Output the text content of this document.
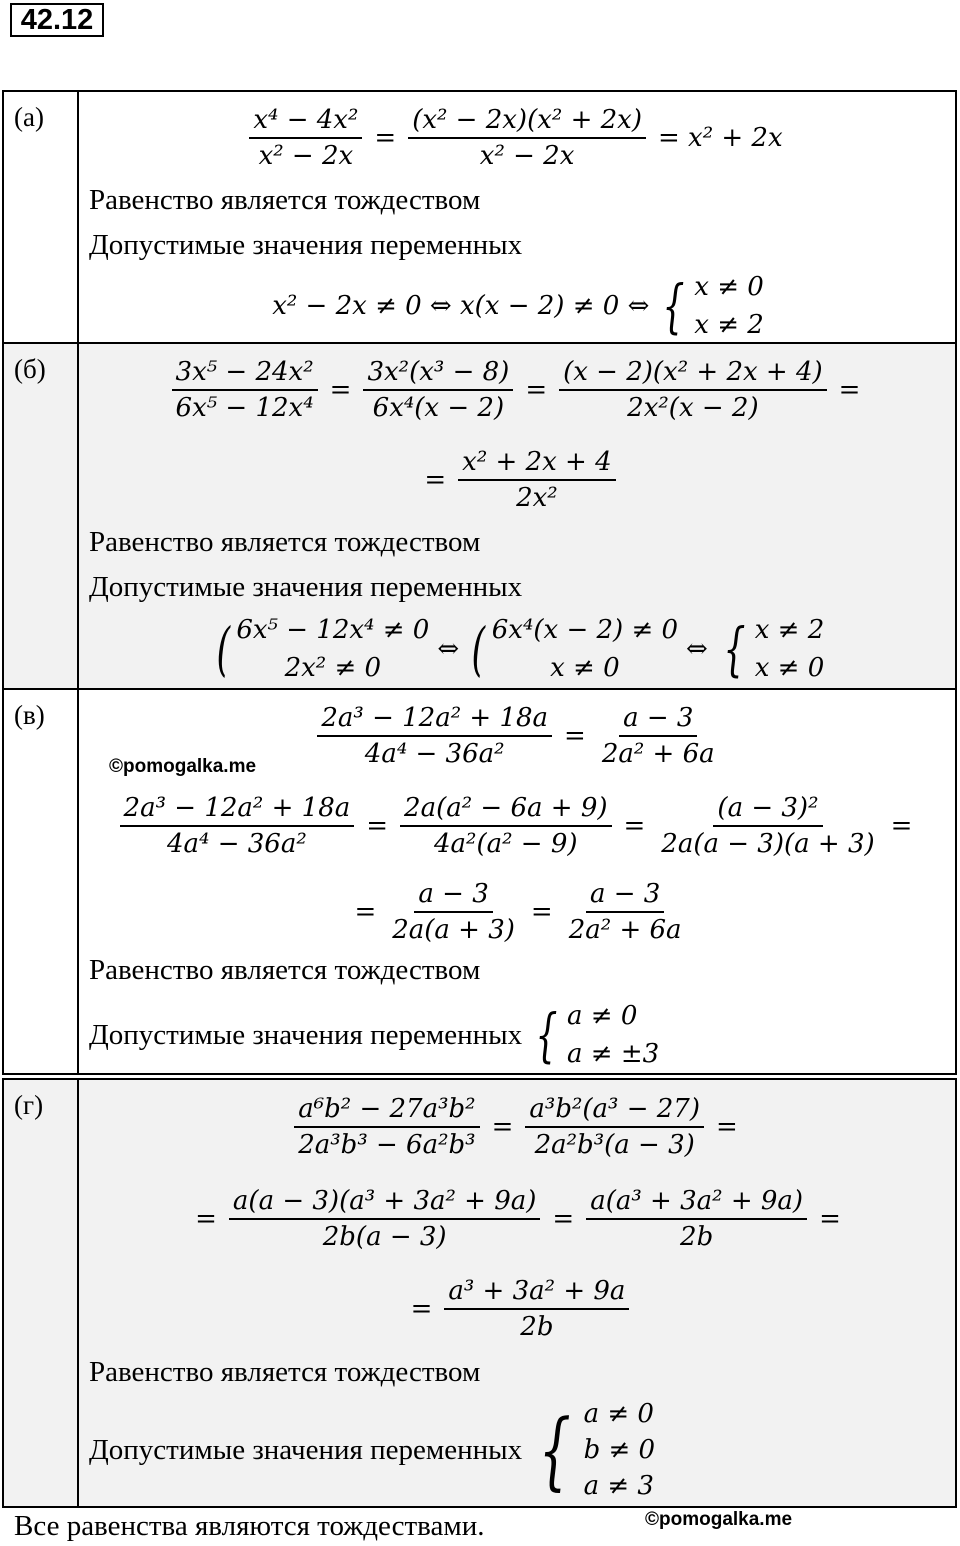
42.12
(а)	$\frac{\text{x⁴ − 4x²}}{\text{x² − 2x}} = \frac{\text{(x² − 2x)(x² + 2x)}}{\text{x² − 2x}} = x^2 + 2x$
Равенство является тождеством
Допустимые значения переменных
x² − 2x ≠ 0 ⇔ x(x − 2) ≠ 0 ⇔ { x ≠ 0
x ≠ 2
(б)	$\frac{\text{3x⁵ − 24x²}}{\text{6x⁵ − 12x⁴}} = \frac{\text{3x²(x³ − 8)}}{\text{6x⁴(x − 2)}} = \frac{\text{(x − 2)(x² + 2x + 4)}}{\text{2x²(x − 2)}}$ =
= $\frac{\text{x² + 2x + 4}}{\text{2x²}}$
Равенство является тождеством
Допустимые значения переменных
( 6x⁵ − 12x⁴ ≠ 0
2x² ≠ 0
⇔ ( 6x⁴(x − 2) ≠ 0
x ≠ 0
⇔ { x ≠ 2
x ≠ 0
(в)	$\frac{\text{2a³ − 12a² + 18a}}{\text{4a⁴ − 36a²}} = \frac{a - 3}{\text{2a² + 6a}}$
©pomogalka.me
$\frac{\text{2a³ − 12a² + 18a}}{\text{4a⁴ − 36a²}} = \frac{\text{2a(a² − 6a + 9)}}{\text{4a²(a² − 9)}} = \frac{\text{(a − 3)²}}{2a(a - 3)(a + 3)}$ =
= $\frac{a - 3}{2a(a + 3)} = \frac{a - 3}{\text{2a² + 6a}}$
Равенство является тождеством
Допустимые значения переменных { a ≠ 0
a ≠ ±3
(г)	$\frac{\text{a⁶b² − 27a³b²}}{\text{2a³b³ − 6a²b³}} = \frac{\text{a³b²(a³ − 27)}}{\text{2a²b³(a − 3)}}$ =
= $\frac{\text{a(a − 3)(a³ + 3a² + 9a)}}{2b(a - 3)} = \frac{\text{a(a³ + 3a² + 9a)}}{2b}$ =
= $\frac{\text{a³ + 3a² + 9a}}{2b}$
Равенство является тождеством
Допустимые значения переменных { a ≠ 0
b ≠ 0
a ≠ 3
Все равенства являются тождествами.	©pomogalka.me
